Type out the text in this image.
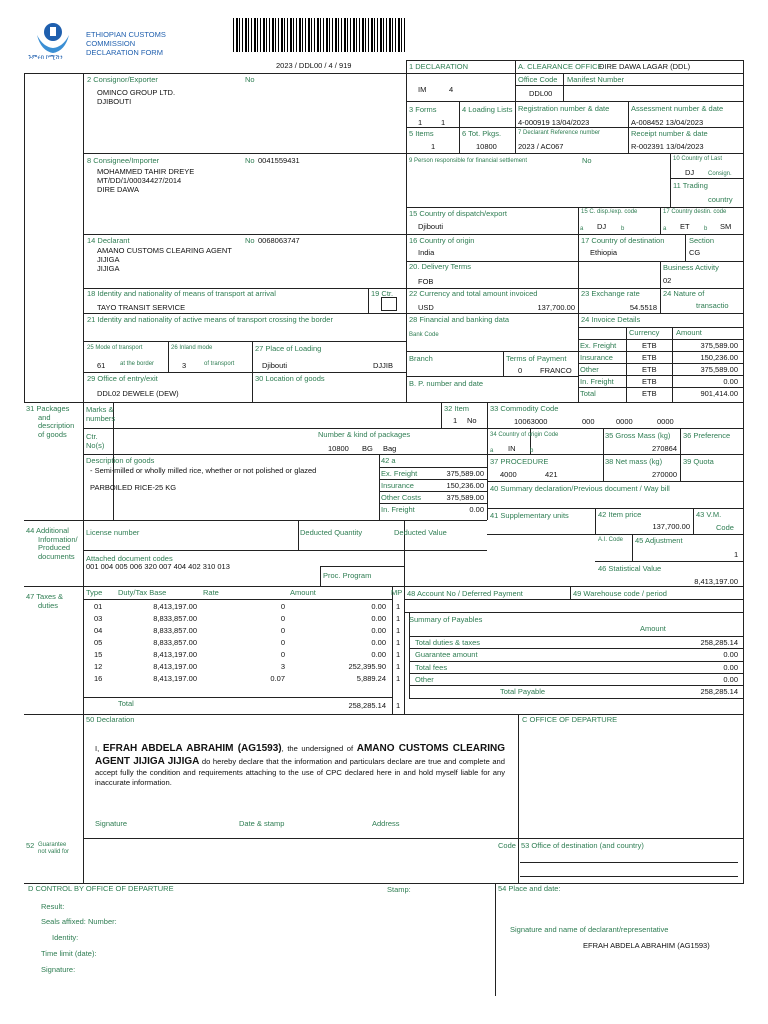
ጉምሩክ ኮሚሽን
ETHIOPIAN CUSTOMS
COMMISSION
DECLARATION FORM
2023 / DDL00 / 4 / 919	1 DECLARATION
IM	4
A. CLEARANCE OFFICE
DIRE DAWA LAGAR (DDL)
Office Code
DDL00
Manifest Number
2 Consignor/Exporter	No
OMINCO GROUP LTD.
DJIBOUTI
3 Forms
1	1
4 Loading Lists Registration number & date
4-000919 13/04/2023
Assessment number & date
A-008452 13/04/2023
5 Items
1
6 Tot. Pkgs.
10800
7 Declarant Reference number
2023 / AC067
Receipt number & date
R-002391 13/04/2023
8 Consignee/Importer	No 0041559431
MOHAMMED TAHIR DREYE
MT/DD/1/00034427/2014
DIRE DAWA
9 Person responsible for financial settlement	No	10 Country of Last
DJ Consign.
11 Trading
country
15 Country of dispatch/export
Djibouti
15 C. disp./exp. code
a DJ b
17 Country destin. code
a ET b SM
14 Declarant	No 0068063747
AMANO CUSTOMS CLEARING AGENT
JIJIGA
JIJIGA
16 Country of origin
India
17 Country of destination
Ethiopia
Section
CG
20. Delivery Terms
FOB
Business Activity
02
18 Identity and nationality of means of transport at arrival
TAYO TRANSIT SERVICE
19 Ctr. 22 Currency and total amount invoiced
USD	137,700.00
23 Exchange rate
54.5518
24 Nature of
transactio
21 Identity and nationality of active means of transport crossing the border	28 Financial and banking data
Bank Code
Branch	Terms of Payment
0 FRANCO
B. P. number and date
24 Invoice Details
Currency Amount
Ex. Freight	ETB	375,589.00
Insurance	ETB	150,236.00
Other	ETB	375,589.00
In. Freight	ETB	0.00
Total	ETB	901,414.00
25 Mode of transport
61 at the border
26 Inland mode
3	of transport
27 Place of Loading
Djibouti	DJJIB
29 Office of entry/exit
DDL02 DEWELE (DEW)
30 Location of goods
31 Packages
and
description
of goods
Marks &
numbers
32 Item
1 No
33 Commodity Code
10063000	000	0000	0000
Ctr.
No(s)
Number & kind of packages
10800 BG Bag
34 Country of origin Code
a IN b
35 Gross Mass (kg)
270864
36 Preference
Description of goods
- Semi-milled or wholly milled rice, whether or not polished or glazed
PARBOILED RICE-25 KG
42 a
Ex. Freight	375,589.00
Insurance	150,236.00
Other Costs	375,589.00
In. Freight	0.00
37 PROCEDURE
4000	421
38 Net mass (kg)
270000
39 Quota
40 Summary declaration/Previous document / Way bill
41 Supplementary units	42 Item price
137,700.00
43 V.M.
Code
A.I. Code 45 Adjustment
1
44 Additional
Information/
Produced
documents
License number	Deducted Quantity	Deducted Value
Attached document codes
001 004 005 006 320 007 404 402 310 013
Proc. Program
46 Statistical Value
8,413,197.00
47 Taxes &
duties
Type Duty/Tax Base	Rate	Amount	MP
01	8,413,197.00	0	0.00 1
03	8,833,857.00	0	0.00 1
04	8,833,857.00	0	0.00 1
05	8,833,857.00	0	0.00 1
15	8,413,197.00	0	0.00 1
12	8,413,197.00	3	252,395.90 1
16	8,413,197.00	0.07	5,889.24 1
Total	258,285.14 1
48 Account No / Deferred Payment	49 Warehouse code / period
Summary of Payables
Amount
Total duties & taxes	258,285.14
Guarantee amount	0.00
Total fees	0.00
Other	0.00
Total Payable	258,285.14
50 Declaration
I, EFRAH ABDELA ABRAHIM (AG1593), the undersigned of AMANO CUSTOMS CLEARING AGENT JIJIGA JIJIGA do hereby declare that the information and particulars declare are true and complete and accept fully the condition and requirements attaching to the use of CPC declared here in and hold myself liable for any inaccurate information.
Signature	Date & stamp	Address
C OFFICE OF DEPARTURE
52 Guarantee
not valid for
Code 53 Office of destination (and country)
D CONTROL BY OFFICE OF DEPARTURE	Stamp:
Result:
Seals affixed: Number:
Identity:
Time limit (date):
Signature:
54 Place and date:
Signature and name of declarant/representative
EFRAH ABDELA ABRAHIM (AG1593)
